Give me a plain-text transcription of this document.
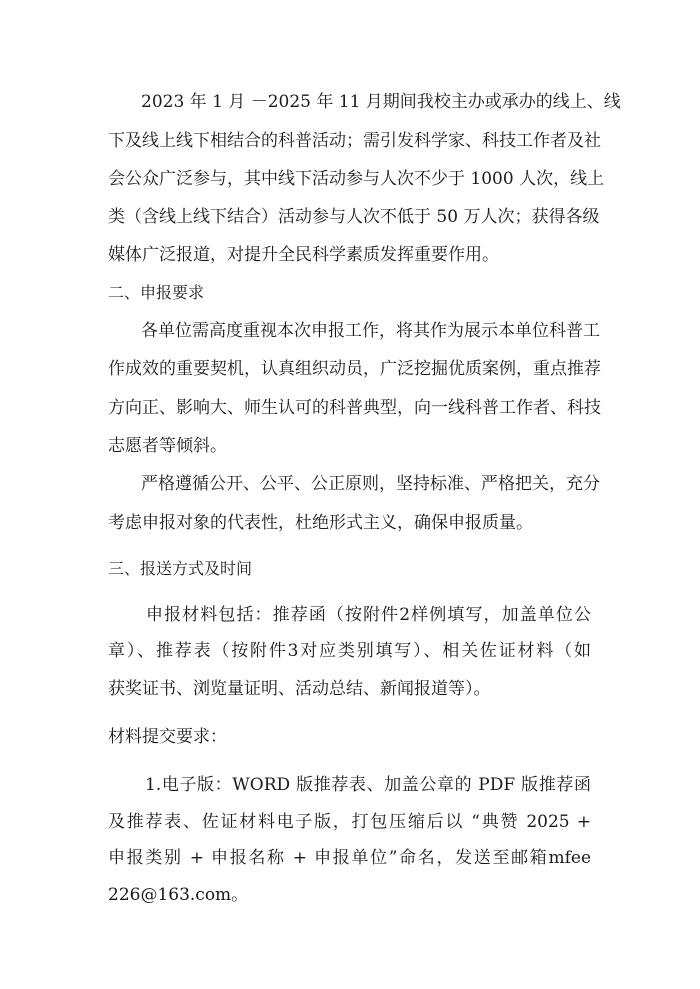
2023 年 1 月 －2025 年 11 月期间我校主办或承办的线上、线

下及线上线下相结合的科普活动；需引发科学家、科技工作者及社

会公众广泛参与，其中线下活动参与人次不少于 1000 人次，线上

类（含线上线下结合）活动参与人次不低于 50 万人次；获得各级

媒体广泛报道，对提升全民科学素质发挥重要作用。

二、申报要求

各单位需高度重视本次申报工作，将其作为展示本单位科普工

作成效的重要契机，认真组织动员，广泛挖掘优质案例，重点推荐

方向正、影响大、师生认可的科普典型，向一线科普工作者、科技

志愿者等倾斜。

严格遵循公开、公平、公正原则，坚持标准、严格把关，充分

考虑申报对象的代表性，杜绝形式主义，确保申报质量。

三、报送方式及时间

申报材料包括：推荐函（按附件2样例填写，加盖单位公

章）、推荐表（按附件3对应类别填写）、相关佐证材料（如

获奖证书、浏览量证明、活动总结、新闻报道等）。

材料提交要求：

1.电子版：WORD 版推荐表、加盖公章的 PDF 版推荐函

及推荐表、佐证材料电子版，打包压缩后以 “典赞 2025 +

申报类别 + 申报名称 + 申报单位”命名，发送至邮箱mfee

226@163.com。
